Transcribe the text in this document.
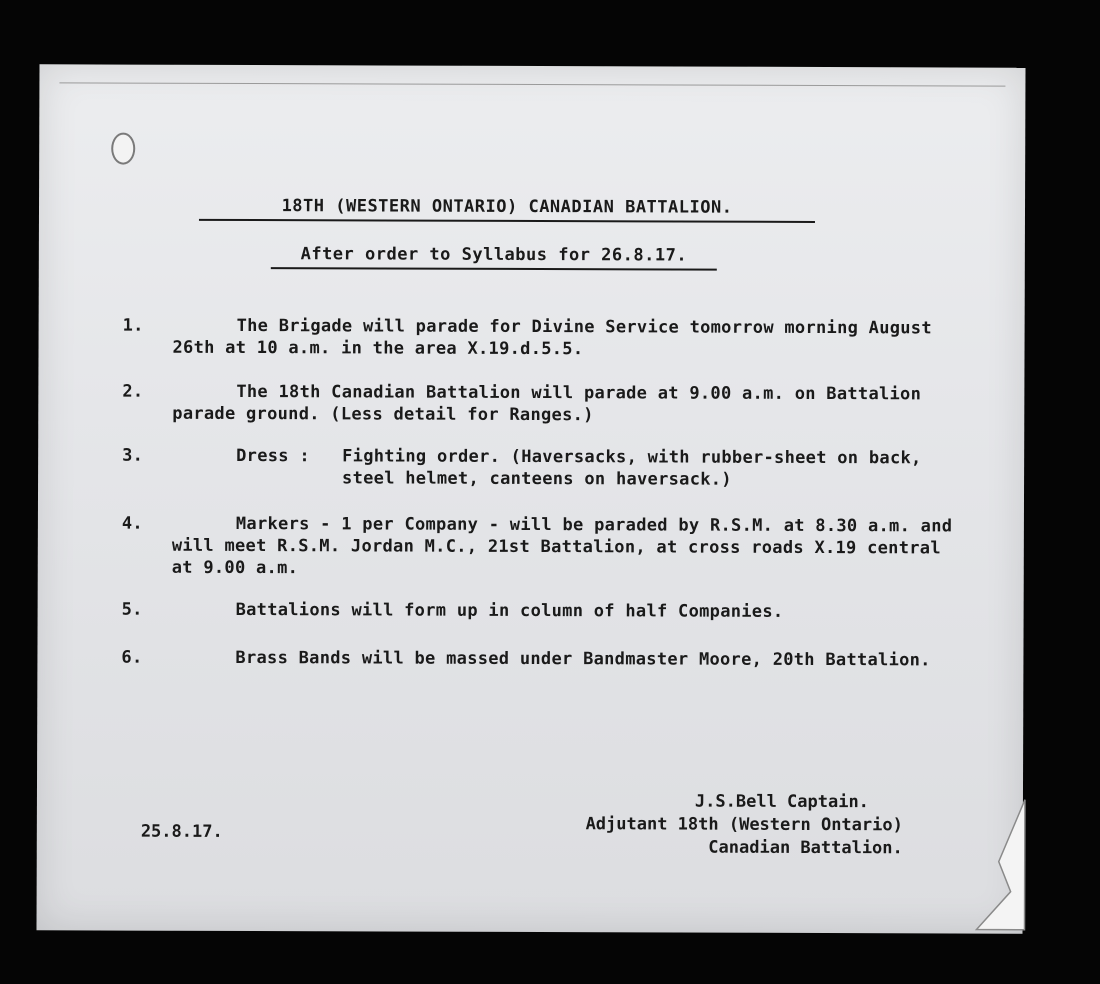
18TH (WESTERN ONTARIO) CANADIAN BATTALION.
After order to Syllabus for 26.8.17.
1.	The Brigade will parade for Divine Service tomorrow morning August 26th at 10 a.m. in the area X.19.d.5.5.
2.	The 18th Canadian Battalion will parade at 9.00 a.m. on Battalion parade ground. (Less detail for Ranges.)
3.	Dress : Fighting order. (Haversacks, with rubber-sheet on back, steel helmet, canteens on haversack.)
4.	Markers - 1 per Company - will be paraded by R.S.M. at 8.30 a.m. and will meet R.S.M. Jordan M.C., 21st Battalion, at cross roads X.19 central at 9.00 a.m.
5.	Battalions will form up in column of half Companies.
6.	Brass Bands will be massed under Bandmaster Moore, 20th Battalion.
25.8.17.
J.S.Bell Captain.
Adjutant 18th (Western Ontario)
Canadian Battalion.
